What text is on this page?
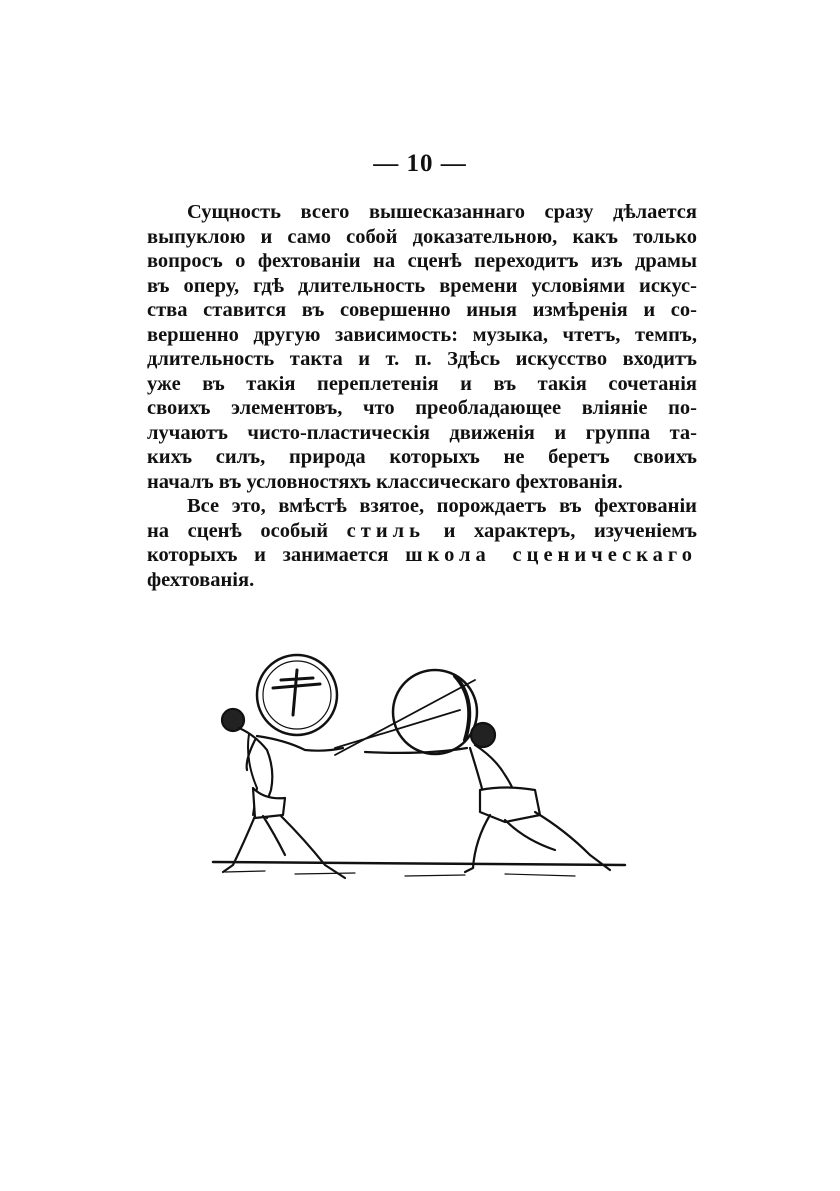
— 10 —

Сущность всего вышесказаннаго сразу дѣлается
выпуклою и само собой доказательною, какъ только
вопросъ о фехтованіи на сценѣ переходитъ изъ драмы
въ оперу, гдѣ длительность времени условіями искус-
ства ставится въ совершенно иныя измѣренія и со-
вершенно другую зависимость: музыка, чтетъ, темпъ,
длительность такта и т. п. Здѣсь искусство входитъ
уже въ такія переплетенія и въ такія сочетанія
своихъ элементовъ, что преобладающее вліяніе по-
лучаютъ чисто-пластическія движенія и группа та-
кихъ силъ, природа которыхъ не беретъ своихъ
началъ въ условностяхъ классическаго фехтованія.

Все это, вмѣстѣ взятое, порождаетъ въ фехтованіи
на сценѣ особый стиль и характеръ, изученіемъ
которыхъ и занимается школа сценическаго
фехтованія.
